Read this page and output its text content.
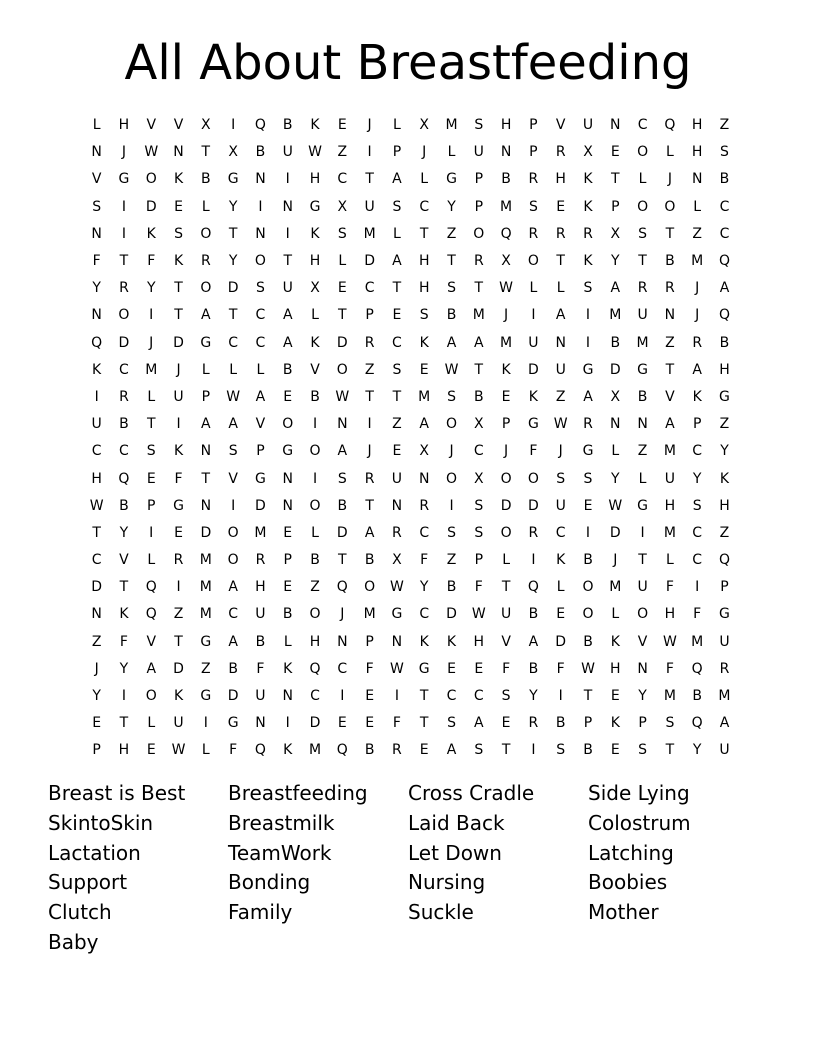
All About Breastfeeding
L	H	V	V	X	I	Q	B	K	E	J	L	X	M	S	H	P	V	U	N	C	Q	H	Z
N	J	W	N	T	X	B	U	W	Z	I	P	J	L	U	N	P	R	X	E	O	L	H	S
V	G	O	K	B	G	N	I	H	C	T	A	L	G	P	B	R	H	K	T	L	J	N	B
S	I	D	E	L	Y	I	N	G	X	U	S	C	Y	P	M	S	E	K	P	O	O	L	C
N	I	K	S	O	T	N	I	K	S	M	L	T	Z	O	Q	R	R	R	X	S	T	Z	C
F	T	F	K	R	Y	O	T	H	L	D	A	H	T	R	X	O	T	K	Y	T	B	M	Q
Y	R	Y	T	O	D	S	U	X	E	C	T	H	S	T	W	L	L	S	A	R	R	J	A
N	O	I	T	A	T	C	A	L	T	P	E	S	B	M	J	I	A	I	M	U	N	J	Q
Q	D	J	D	G	C	C	A	K	D	R	C	K	A	A	M	U	N	I	B	M	Z	R	B
K	C	M	J	L	L	L	B	V	O	Z	S	E	W	T	K	D	U	G	D	G	T	A	H
I	R	L	U	P	W	A	E	B	W	T	T	M	S	B	E	K	Z	A	X	B	V	K	G
U	B	T	I	A	A	V	O	I	N	I	Z	A	O	X	P	G	W	R	N	N	A	P	Z
C	C	S	K	N	S	P	G	O	A	J	E	X	J	C	J	F	J	G	L	Z	M	C	Y
H	Q	E	F	T	V	G	N	I	S	R	U	N	O	X	O	O	S	S	Y	L	U	Y	K
W	B	P	G	N	I	D	N	O	B	T	N	R	I	S	D	D	U	E	W	G	H	S	H
T	Y	I	E	D	O	M	E	L	D	A	R	C	S	S	O	R	C	I	D	I	M	C	Z
C	V	L	R	M	O	R	P	B	T	B	X	F	Z	P	L	I	K	B	J	T	L	C	Q
D	T	Q	I	M	A	H	E	Z	Q	O	W	Y	B	F	T	Q	L	O	M	U	F	I	P
N	K	Q	Z	M	C	U	B	O	J	M	G	C	D	W	U	B	E	O	L	O	H	F	G
Z	F	V	T	G	A	B	L	H	N	P	N	K	K	H	V	A	D	B	K	V	W	M	U
J	Y	A	D	Z	B	F	K	Q	C	F	W	G	E	E	F	B	F	W	H	N	F	Q	R
Y	I	O	K	G	D	U	N	C	I	E	I	T	C	C	S	Y	I	T	E	Y	M	B	M
E	T	L	U	I	G	N	I	D	E	E	F	T	S	A	E	R	B	P	K	P	S	Q	A
P	H	E	W	L	F	Q	K	M	Q	B	R	E	A	S	T	I	S	B	E	S	T	Y	U
Breast is Best	Breastfeeding	Cross Cradle	Side Lying
SkintoSkin	Breastmilk	Laid Back	Colostrum
Lactation	TeamWork	Let Down	Latching
Support	Bonding	Nursing	Boobies
Clutch	Family	Suckle	Mother
Baby
